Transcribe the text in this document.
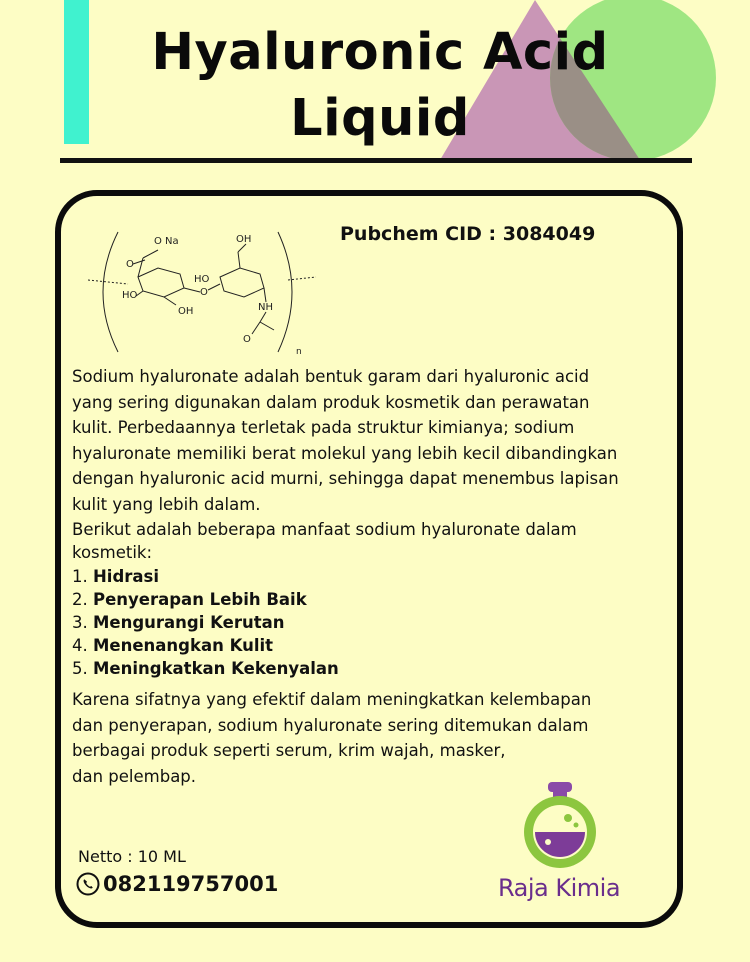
Hyaluronic Acid
Liquid
O Na	OH
O
HO
OH
HO
O
NH
O
n
Pubchem CID : 3084049
Sodium hyaluronate adalah bentuk garam dari hyaluronic acid
yang sering digunakan dalam produk kosmetik dan perawatan
kulit. Perbedaannya terletak pada struktur kimianya; sodium
hyaluronate memiliki berat molekul yang lebih kecil dibandingkan
dengan hyaluronic acid murni, sehingga dapat menembus lapisan
kulit yang lebih dalam.
Berikut adalah beberapa manfaat sodium hyaluronate dalam
kosmetik:
1. Hidrasi
2. Penyerapan Lebih Baik
3. Mengurangi Kerutan
4. Menenangkan Kulit
5. Meningkatkan Kekenyalan
Karena sifatnya yang efektif dalam meningkatkan kelembapan
dan penyerapan, sodium hyaluronate sering ditemukan dalam
berbagai produk seperti serum, krim wajah, masker,
dan pelembap.
Netto : 10 ML
082119757001	Raja Kimia
